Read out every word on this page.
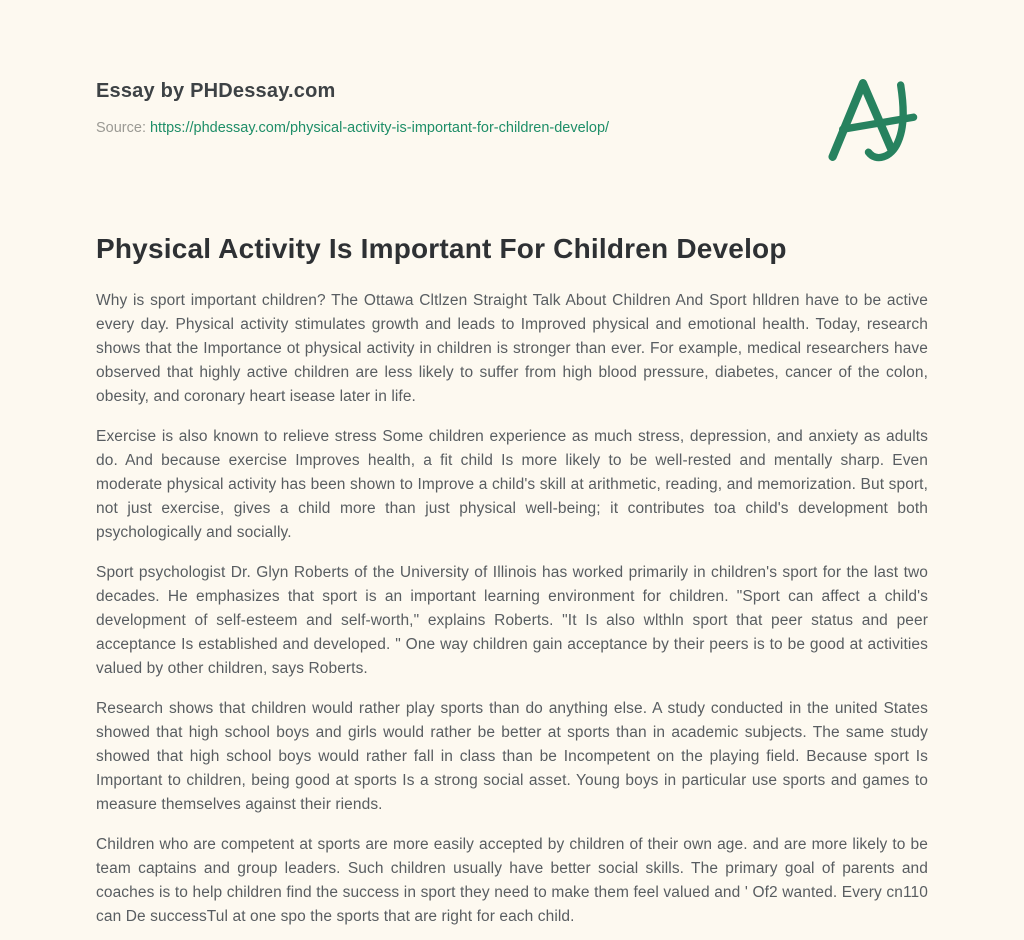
Essay by PHDessay.com
Source: https://phdessay.com/physical-activity-is-important-for-children-develop/
Physical Activity Is Important For Children Develop

Why is sport important children? The Ottawa Cltlzen Straight Talk About Children And Sport hlldren have to be active every day. Physical activity stimulates growth and leads to Improved physical and emotional health. Today, research shows that the Importance ot physical activity in children is stronger than ever. For example, medical researchers have observed that highly active children are less likely to suffer from high blood pressure, diabetes, cancer of the colon, obesity, and coronary heart isease later in life.

Exercise is also known to relieve stress Some children experience as much stress, depression, and anxiety as adults do. And because exercise Improves health, a fit child Is more likely to be well-rested and mentally sharp. Even moderate physical activity has been shown to Improve a child's skill at arithmetic, reading, and memorization. But sport, not just exercise, gives a child more than just physical well-being; it contributes toa child's development both psychologically and socially.

Sport psychologist Dr. Glyn Roberts of the University of Illinois has worked primarily in children's sport for the last two decades. He emphasizes that sport is an important learning environment for children. "Sport can affect a child's development of self-esteem and self-worth," explains Roberts. "It Is also wlthln sport that peer status and peer acceptance Is established and developed. " One way children gain acceptance by their peers is to be good at activities valued by other children, says Roberts.

Research shows that children would rather play sports than do anything else. A study conducted in the united States showed that high school boys and girls would rather be better at sports than in academic subjects. The same study showed that high school boys would rather fall in class than be Incompetent on the playing field. Because sport Is Important to children, being good at sports Is a strong social asset. Young boys in particular use sports and games to measure themselves against their riends.

Children who are competent at sports are more easily accepted by children of their own age. and are more likely to be team captains and group leaders. Such children usually have better social skills. The primary goal of parents and coaches is to help children find the success in sport they need to make them feel valued and ' Of2 wanted. Every cn110 can De successTul at one spo the sports that are right for each child.
